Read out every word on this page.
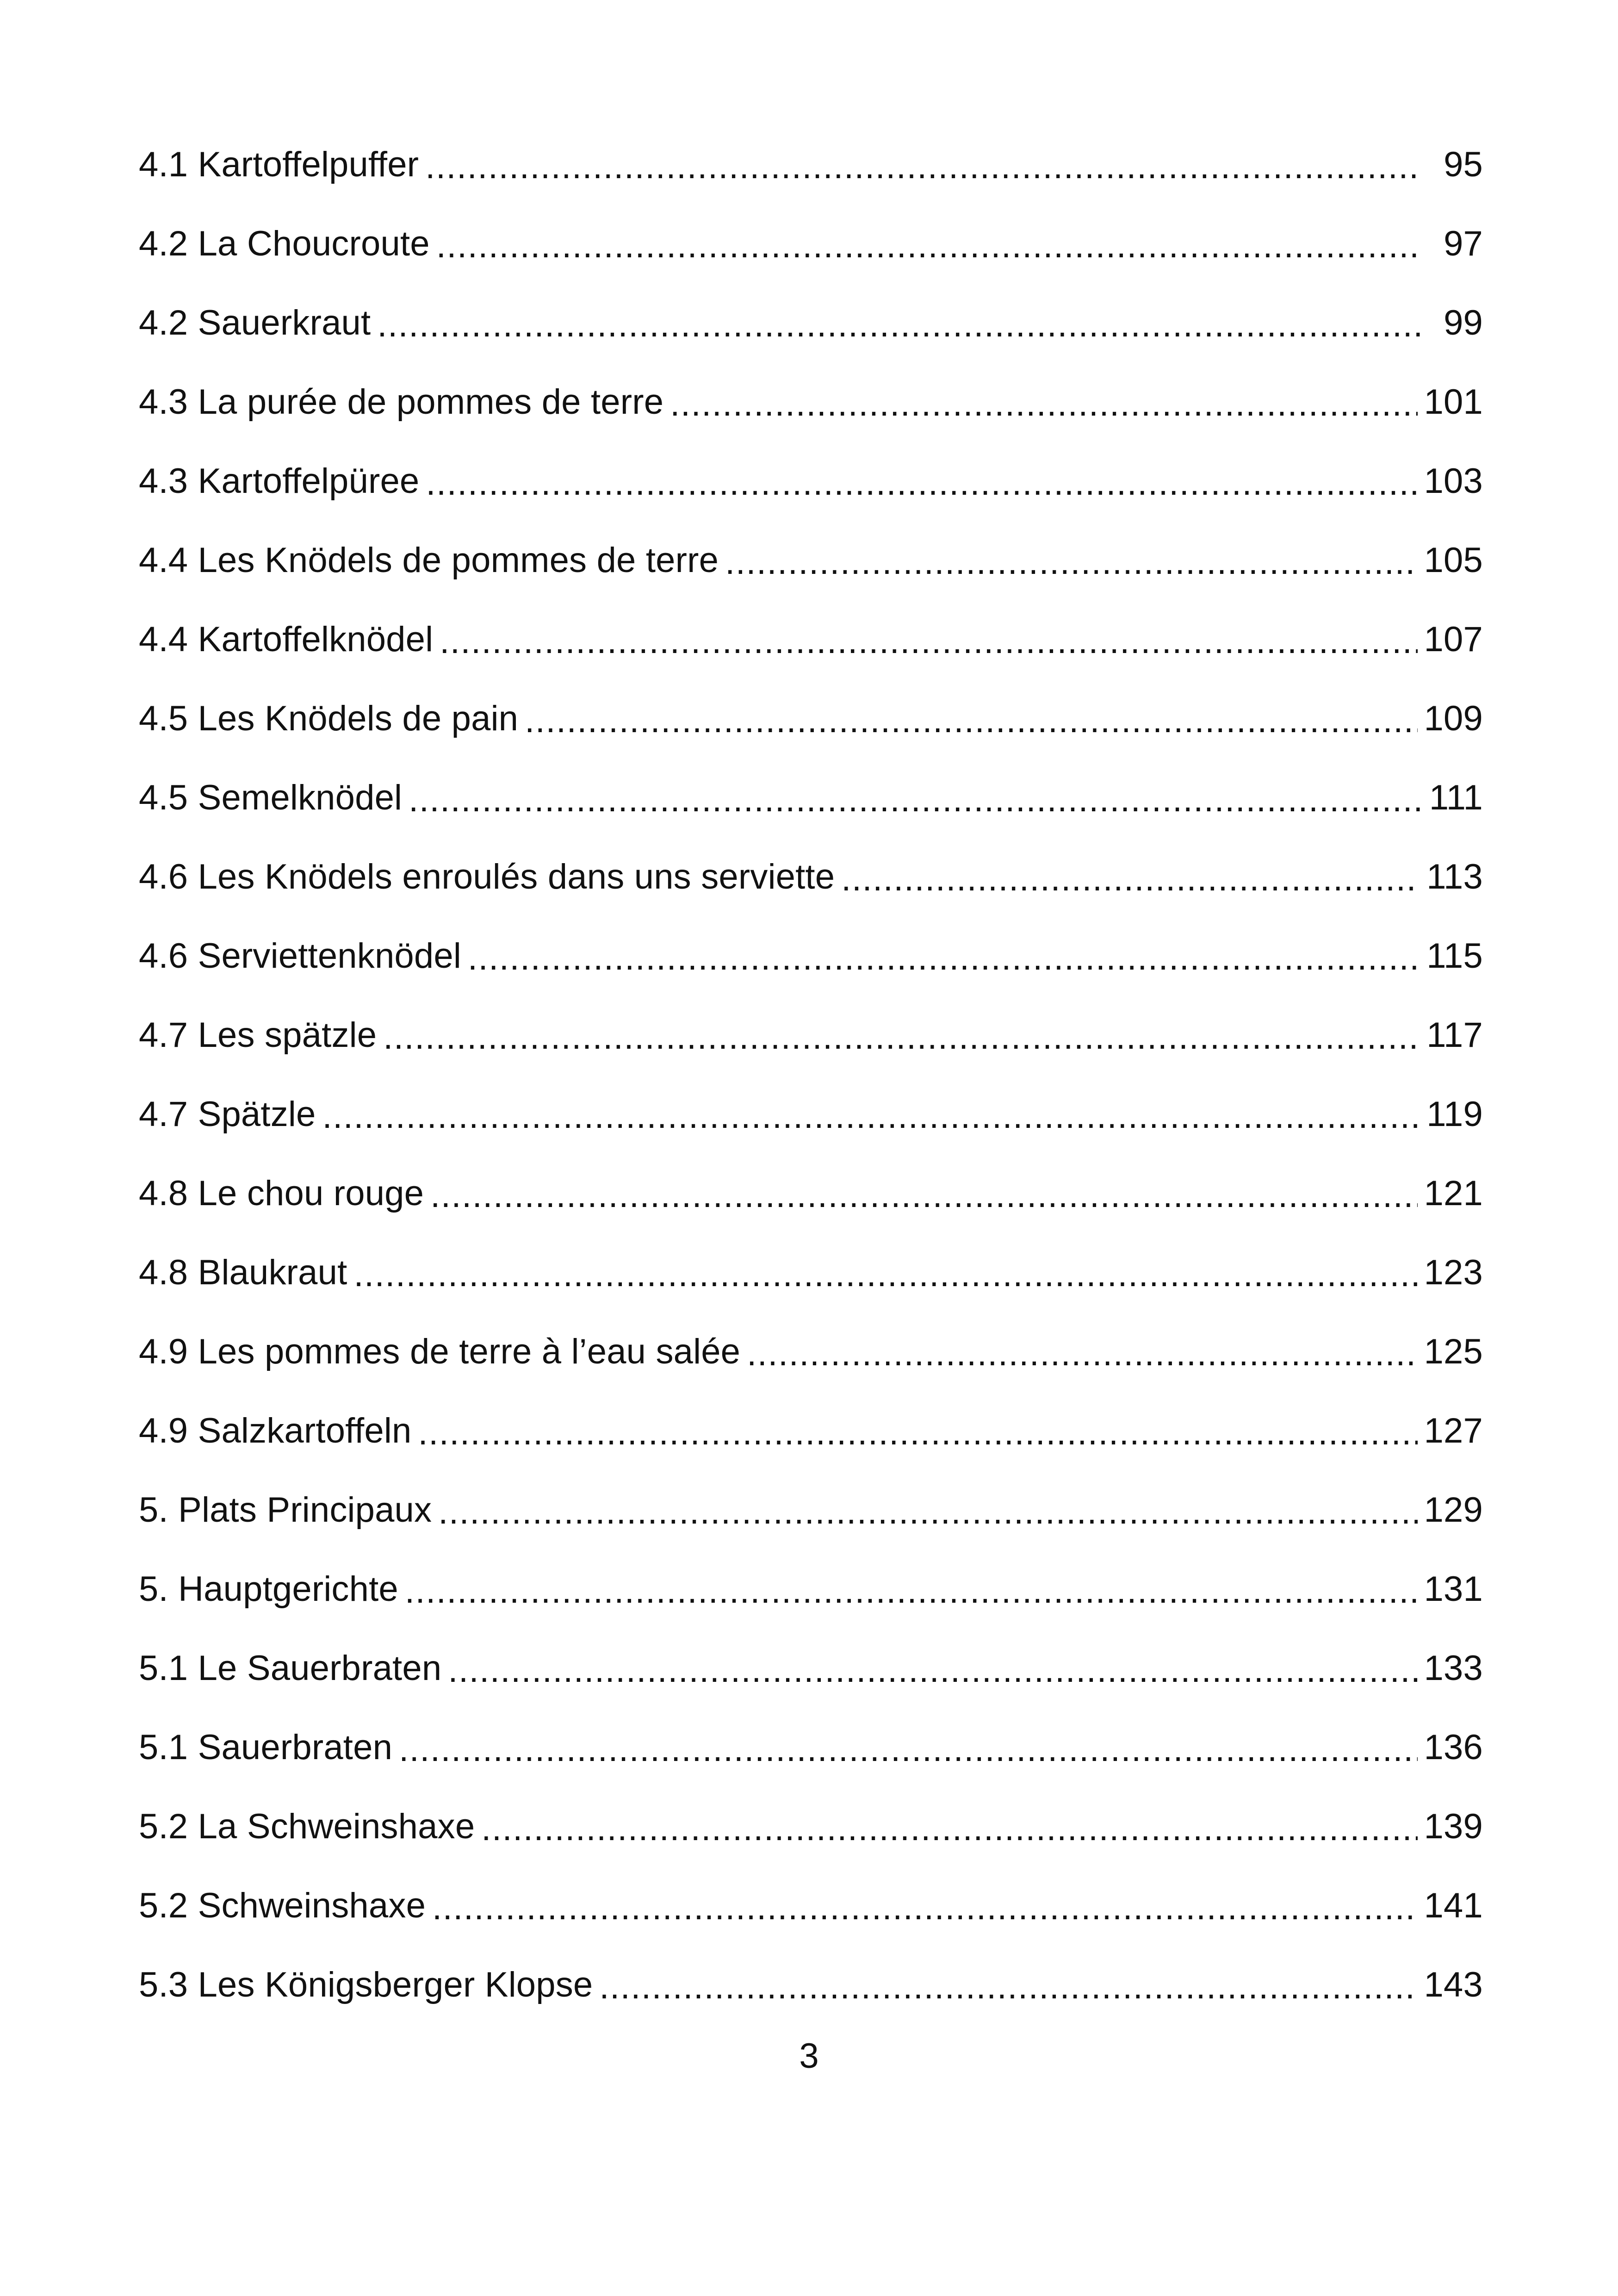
4.1 Kartoffelpuffer .....	95
4.2 La Choucroute .....	97
4.2 Sauerkraut .....	99
4.3 La purée de pommes de terre .....	101
4.3 Kartoffelpüree .....	103
4.4 Les Knödels de pommes de terre .....	105
4.4 Kartoffelknödel .....	107
4.5 Les Knödels de pain .....	109
4.5 Semelknödel .....	111
4.6 Les Knödels enroulés dans uns serviette .....	113
4.6 Serviettenknödel .....	115
4.7 Les spätzle .....	117
4.7 Spätzle .....	119
4.8 Le chou rouge .....	121
4.8 Blaukraut .....	123
4.9 Les pommes de terre à l’eau salée .....	125
4.9 Salzkartoffeln .....	127
5. Plats Principaux .....	129
5. Hauptgerichte .....	131
5.1 Le Sauerbraten .....	133
5.1 Sauerbraten .....	136
5.2 La Schweinshaxe .....	139
5.2 Schweinshaxe .....	141
5.3 Les Königsberger Klopse .....	143
3
